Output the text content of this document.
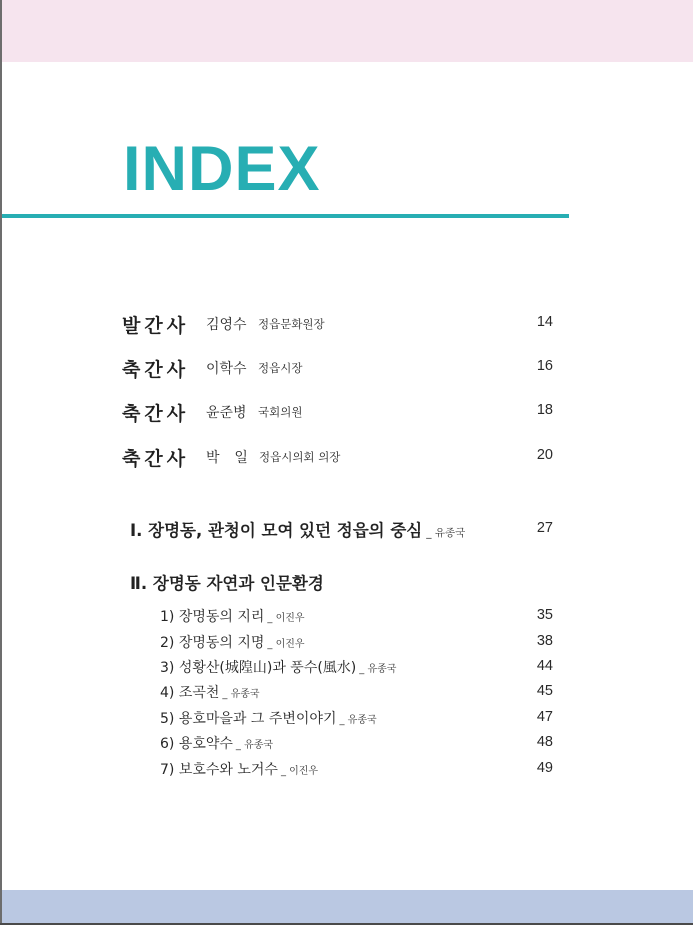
INDEX
발간사 김영수 정읍문화원장	14
축간사 이학수 정읍시장	16
축간사 윤준병 국회의원	18
축간사 박  일 정읍시의회 의장	20
Ⅰ. 장명동, 관청이 모여 있던 정읍의 중심 _ 유종국	27
Ⅱ. 장명동 자연과 인문환경
1) 장명동의 지리 _ 이진우	35
2) 장명동의 지명 _ 이진우	38
3) 성황산(城隍山)과 풍수(風水) _ 유종국	44
4) 조곡천 _ 유종국	45
5) 용호마을과 그 주변이야기 _ 유종국	47
6) 용호약수 _ 유종국	48
7) 보호수와 노거수 _ 이진우	49
